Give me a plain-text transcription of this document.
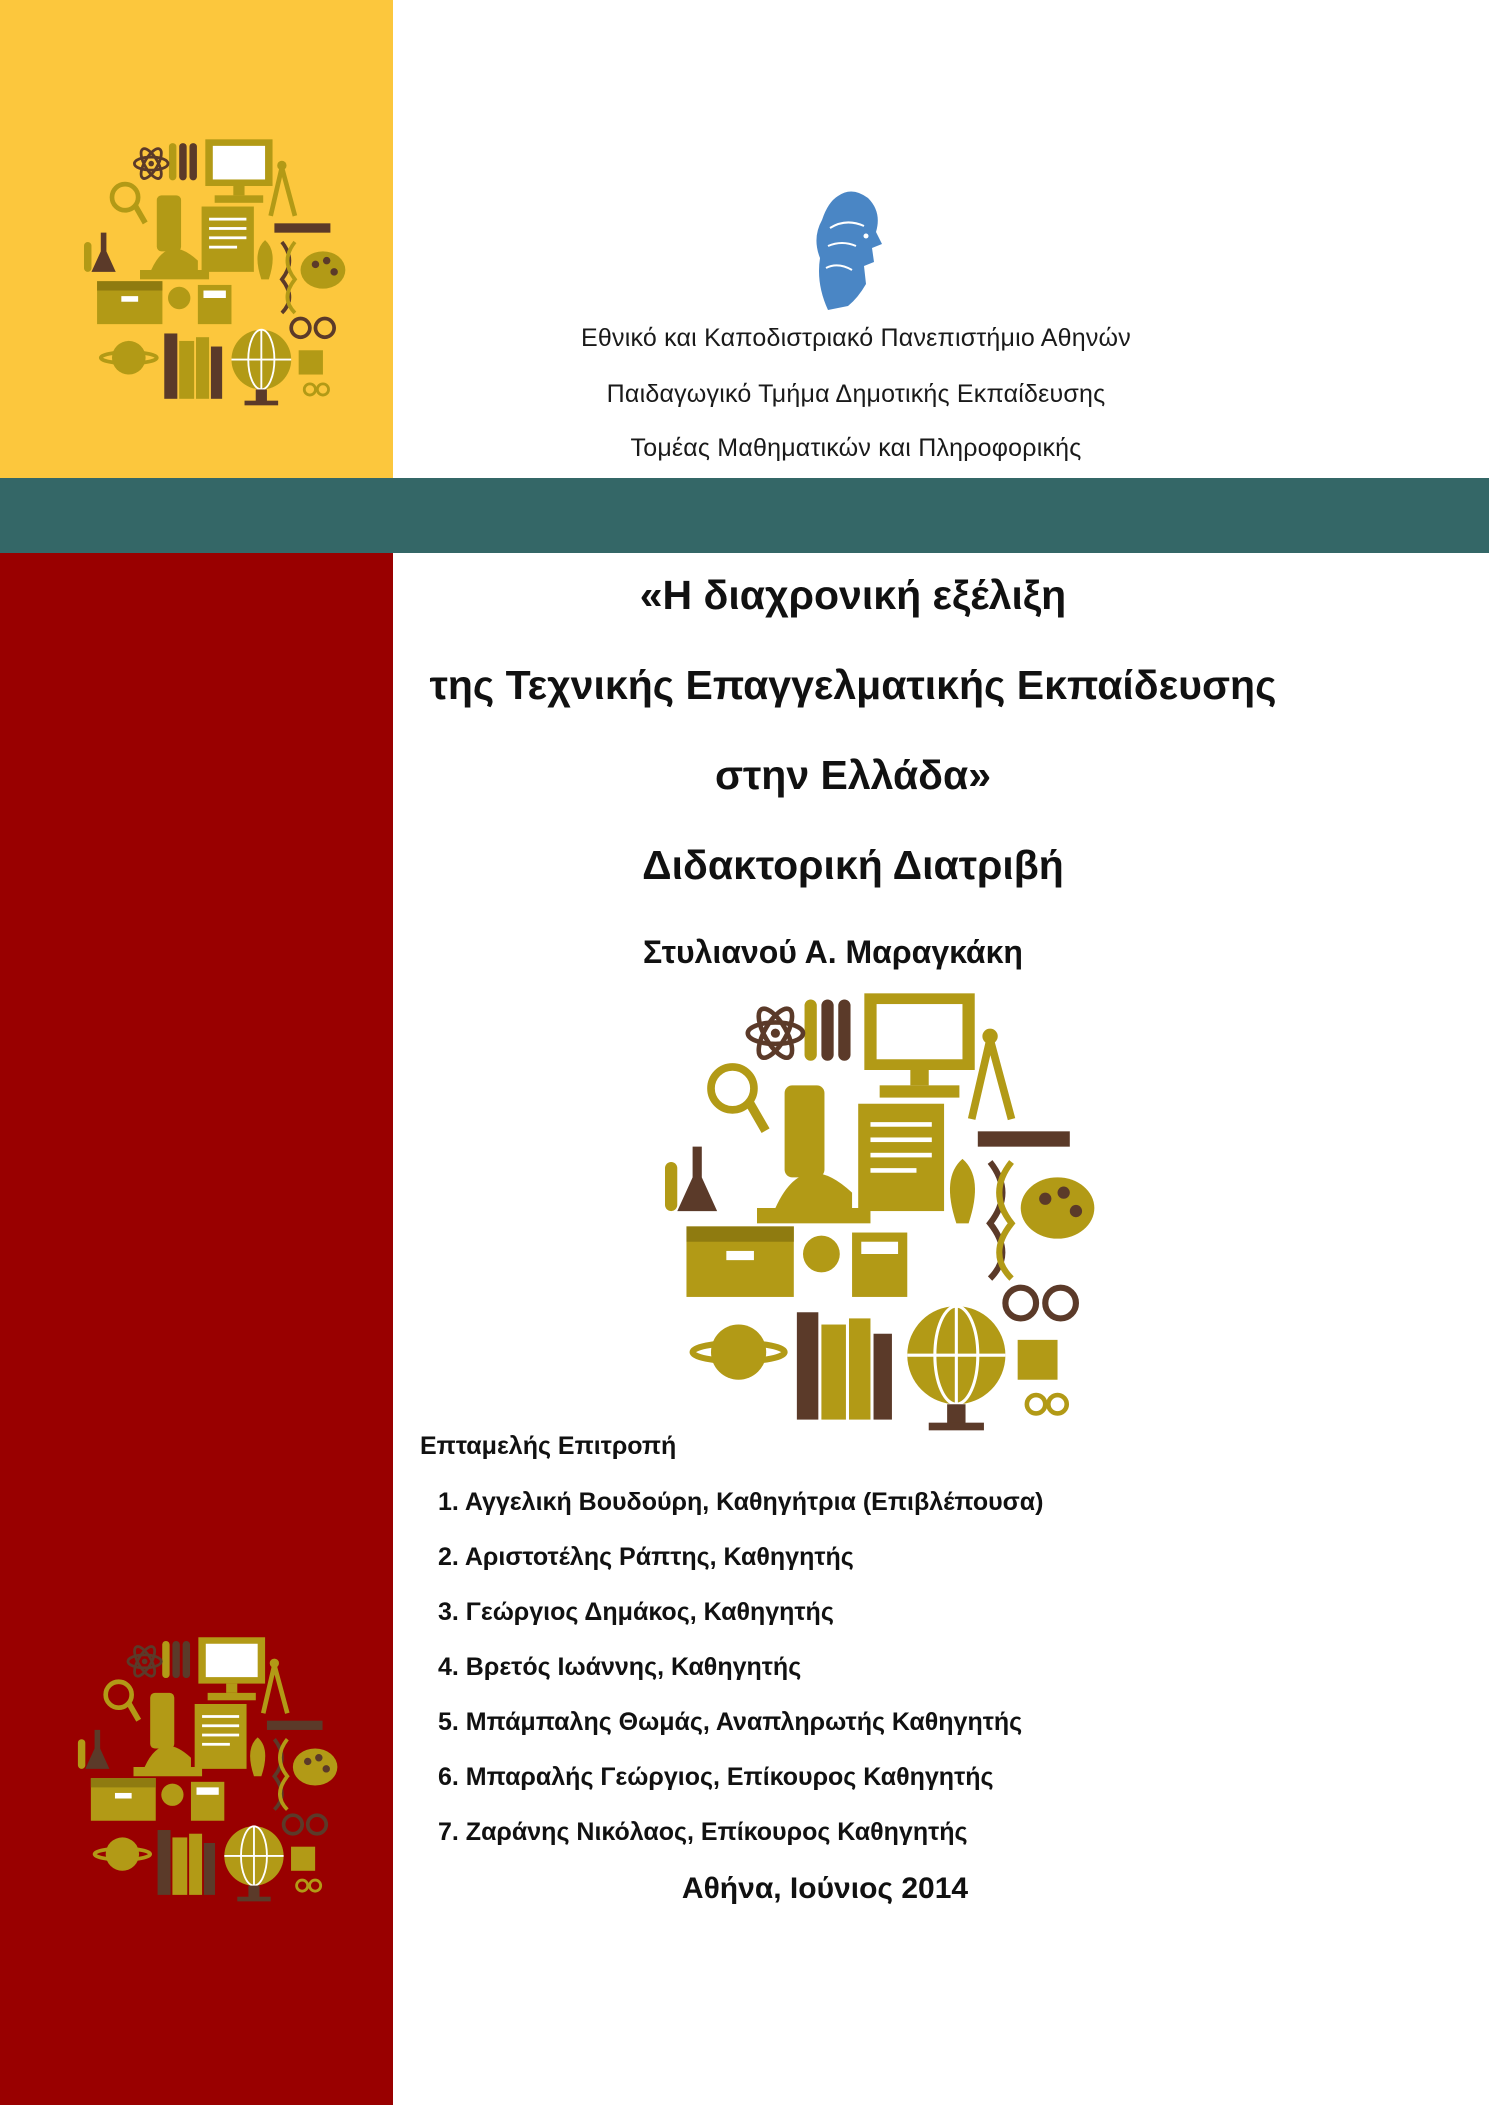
Εθνικό και Καποδιστριακό Πανεπιστήμιο Αθηνών
Παιδαγωγικό Τμήμα Δημοτικής Εκπαίδευσης
Τομέας Μαθηματικών και Πληροφορικής
«Η διαχρονική εξέλιξη
της Τεχνικής Επαγγελματικής Εκπαίδευσης
στην Ελλάδα»
Διδακτορική Διατριβή
Στυλιανού Α. Μαραγκάκη
Επταμελής Επιτροπή
1. Αγγελική Βουδούρη, Καθηγήτρια (Επιβλέπουσα)
2. Αριστοτέλης Ράπτης, Καθηγητής
3. Γεώργιος Δημάκος, Καθηγητής
4. Βρετός Ιωάννης, Καθηγητής
5. Μπάμπαλης Θωμάς, Αναπληρωτής Καθηγητής
6. Μπαραλής Γεώργιος, Επίκουρος Καθηγητής
7. Ζαράνης Νικόλαος, Επίκουρος Καθηγητής
Αθήνα, Ιούνιος 2014
